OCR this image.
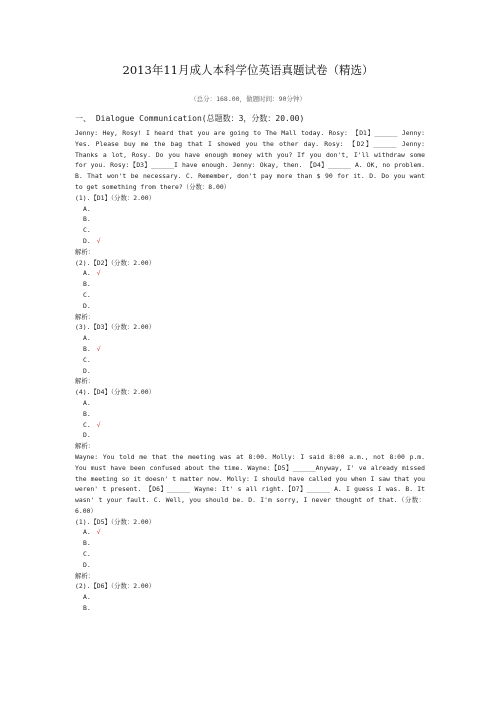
2013年11月成人本科学位英语真题试卷（精选）
（总分：168.00，做题时间：90分钟）
一、 Dialogue Communication(总题数：3，分数：20.00)

Jenny: Hey, Rosy! I heard that you are going to The Mall today. Rosy: 【D1】______ Jenny: Yes. Please buy me the bag that I showed you the other day. Rosy: 【D2】______ Jenny: Thanks a lot, Rosy. Do you have enough money with you? If you don't, I'll withdraw some for you. Rosy:【D3】______I have enough. Jenny: Okay, then. 【D4】______ A. OK, no problem. B. That won't be necessary. C. Remember, don't pay more than $ 90 for it. D. Do you want to get something from there?（分数：8.00）

(1).【D1】（分数：2.00）

A.

B.

C.

D. √

解析：

(2).【D2】（分数：2.00）

A. √

B.

C.

D.

解析：

(3).【D3】（分数：2.00）

A.

B. √

C.

D.

解析：

(4).【D4】（分数：2.00）

A.

B.

C. √

D.

解析：

Wayne: You told me that the meeting was at 8:00. Molly: I said 8:00 a.m., not 8:00 p.m. You must have been confused about the time. Wayne:【D5】______Anyway, I' ve already missed the meeting so it doesn' t matter now. Molly: I should have called you when I saw that you weren' t present. 【D6】______ Wayne: It' s all right.【D7】______ A. I guess I was. B. It wasn' t your fault. C. Well, you should be. D. I'm sorry, I never thought of that.（分数：6.00）

(1).【D5】（分数：2.00）

A. √

B.

C.

D.

解析：

(2).【D6】（分数：2.00）

A.

B.
